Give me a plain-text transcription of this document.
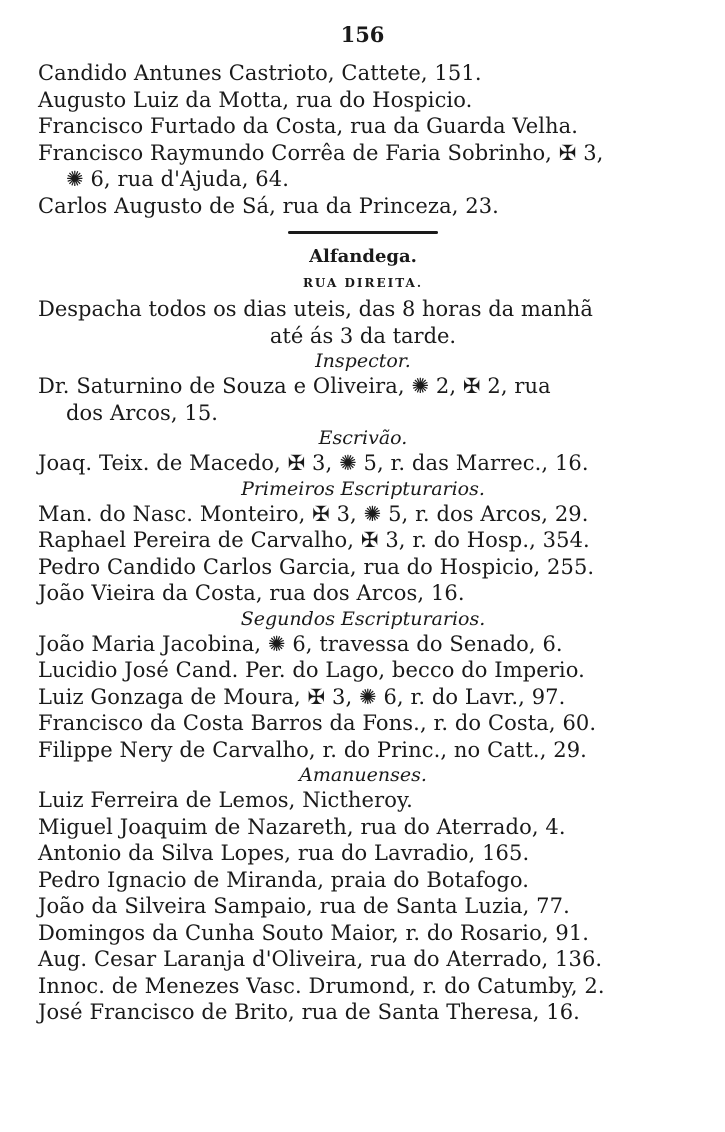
156
Candido Antunes Castrioto, Cattete, 151.
Augusto Luiz da Motta, rua do Hospicio.
Francisco Furtado da Costa, rua da Guarda Velha.
Francisco Raymundo Corrêa de Faria Sobrinho, ✠ 3,
✺ 6, rua d'Ajuda, 64.
Carlos Augusto de Sá, rua da Princeza, 23.
Alfandega.
RUA DIREITA.
Despacha todos os dias uteis, das 8 horas da manhã
até ás 3 da tarde.
Inspector.
Dr. Saturnino de Souza e Oliveira, ✺ 2, ✠ 2, rua
dos Arcos, 15.
Escrivão.
Joaq. Teix. de Macedo, ✠ 3, ✺ 5, r. das Marrec., 16.
Primeiros Escripturarios.
Man. do Nasc. Monteiro, ✠ 3, ✺ 5, r. dos Arcos, 29.
Raphael Pereira de Carvalho, ✠ 3, r. do Hosp., 354.
Pedro Candido Carlos Garcia, rua do Hospicio, 255.
João Vieira da Costa, rua dos Arcos, 16.
Segundos Escripturarios.
João Maria Jacobina, ✺ 6, travessa do Senado, 6.
Lucidio José Cand. Per. do Lago, becco do Imperio.
Luiz Gonzaga de Moura, ✠ 3, ✺ 6, r. do Lavr., 97.
Francisco da Costa Barros da Fons., r. do Costa, 60.
Filippe Nery de Carvalho, r. do Princ., no Catt., 29.
Amanuenses.
Luiz Ferreira de Lemos, Nictheroy.
Miguel Joaquim de Nazareth, rua do Aterrado, 4.
Antonio da Silva Lopes, rua do Lavradio, 165.
Pedro Ignacio de Miranda, praia do Botafogo.
João da Silveira Sampaio, rua de Santa Luzia, 77.
Domingos da Cunha Souto Maior, r. do Rosario, 91.
Aug. Cesar Laranja d'Oliveira, rua do Aterrado, 136.
Innoc. de Menezes Vasc. Drumond, r. do Catumby, 2.
José Francisco de Brito, rua de Santa Theresa, 16.
